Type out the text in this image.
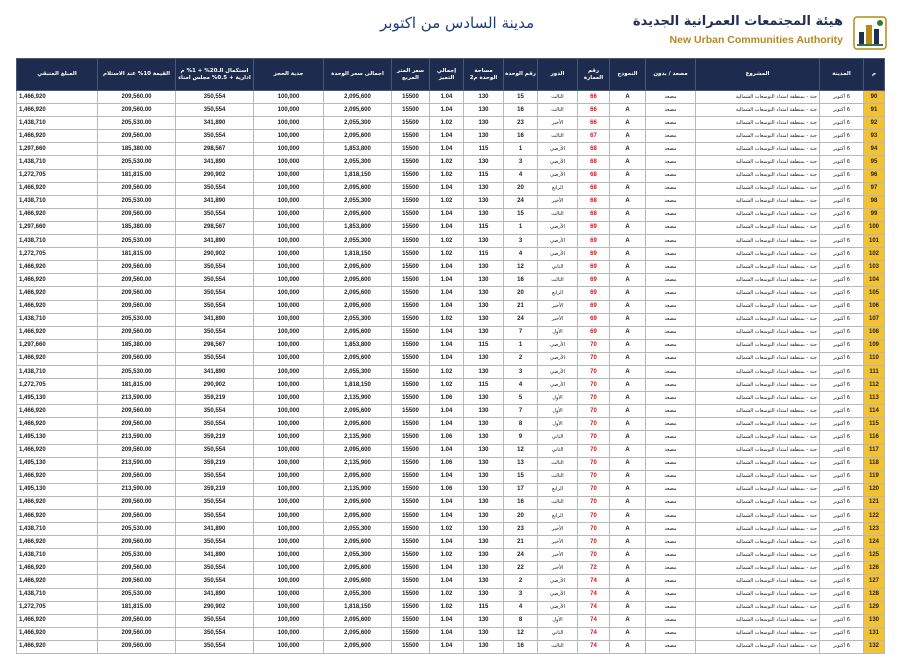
مدينة السادس من اكتوبر	هيئة المجتمعات العمرانية الجديدة
New Urban Communities Authority
م	المدينة	المشروع	مصعد / بدون	النموذج	رقم العمارة	الدور	رقم الوحدة	مساحة الوحدة م2	إجمالي التميز	سعر المتر المربع	اجمالى سعر الوحدة	جدية الحجز	استكمال الـ20% + 1% م ادارية + 0.5% مجلس امناء	القيمة 10% عند الاستلام	المبلغ المتبقي
90	6 أكتوبر	جنة - بمنطقة امتداد التوسعات الشمالية	مصعد	A	66	الثالث	15	130	1.04	15500	2,095,600	100,000	350,554	209,560.00	1,466,920
91	6 أكتوبر	جنة - بمنطقة امتداد التوسعات الشمالية	مصعد	A	66	الثالث	16	130	1.04	15500	2,095,600	100,000	350,554	209,560.00	1,466,920
92	6 أكتوبر	جنة - بمنطقة امتداد التوسعات الشمالية	مصعد	A	66	الأخير	23	130	1.02	15500	2,055,300	100,000	341,890	205,530.00	1,438,710
93	6 أكتوبر	جنة - بمنطقة امتداد التوسعات الشمالية	مصعد	A	67	الثالث	16	130	1.04	15500	2,095,600	100,000	350,554	209,560.00	1,466,920
94	6 أكتوبر	جنة - بمنطقة امتداد التوسعات الشمالية	مصعد	A	68	الأرضي	1	115	1.04	15500	1,853,800	100,000	298,567	185,380.00	1,297,660
95	6 أكتوبر	جنة - بمنطقة امتداد التوسعات الشمالية	مصعد	A	68	الأرضي	3	130	1.02	15500	2,055,300	100,000	341,890	205,530.00	1,438,710
96	6 أكتوبر	جنة - بمنطقة امتداد التوسعات الشمالية	مصعد	A	68	الأرضي	4	115	1.02	15500	1,818,150	100,000	290,902	181,815.00	1,272,705
97	6 أكتوبر	جنة - بمنطقة امتداد التوسعات الشمالية	مصعد	A	68	الرابع	20	130	1.04	15500	2,095,600	100,000	350,554	209,560.00	1,466,920
98	6 أكتوبر	جنة - بمنطقة امتداد التوسعات الشمالية	مصعد	A	68	الأخير	24	130	1.02	15500	2,055,300	100,000	341,890	205,530.00	1,438,710
99	6 أكتوبر	جنة - بمنطقة امتداد التوسعات الشمالية	مصعد	A	68	الثالث	15	130	1.04	15500	2,095,600	100,000	350,554	209,560.00	1,466,920
100	6 أكتوبر	جنة - بمنطقة امتداد التوسعات الشمالية	مصعد	A	69	الأرضي	1	115	1.04	15500	1,853,800	100,000	298,567	185,380.00	1,297,660
101	6 أكتوبر	جنة - بمنطقة امتداد التوسعات الشمالية	مصعد	A	69	الأرضي	3	130	1.02	15500	2,055,300	100,000	341,890	205,530.00	1,438,710
102	6 أكتوبر	جنة - بمنطقة امتداد التوسعات الشمالية	مصعد	A	69	الأرضي	4	115	1.02	15500	1,818,150	100,000	290,902	181,815.00	1,272,705
103	6 أكتوبر	جنة - بمنطقة امتداد التوسعات الشمالية	مصعد	A	69	الثاني	12	130	1.04	15500	2,095,600	100,000	350,554	209,560.00	1,466,920
104	6 أكتوبر	جنة - بمنطقة امتداد التوسعات الشمالية	مصعد	A	69	الثالث	16	130	1.04	15500	2,095,600	100,000	350,554	209,560.00	1,466,920
105	6 أكتوبر	جنة - بمنطقة امتداد التوسعات الشمالية	مصعد	A	69	الرابع	20	130	1.04	15500	2,095,600	100,000	350,554	209,560.00	1,466,920
106	6 أكتوبر	جنة - بمنطقة امتداد التوسعات الشمالية	مصعد	A	69	الأخير	21	130	1.04	15500	2,095,600	100,000	350,554	209,560.00	1,466,920
107	6 أكتوبر	جنة - بمنطقة امتداد التوسعات الشمالية	مصعد	A	69	الأخير	24	130	1.02	15500	2,055,300	100,000	341,890	205,530.00	1,438,710
108	6 أكتوبر	جنة - بمنطقة امتداد التوسعات الشمالية	مصعد	A	69	الأول	7	130	1.04	15500	2,095,600	100,000	350,554	209,560.00	1,466,920
109	6 أكتوبر	جنة - بمنطقة امتداد التوسعات الشمالية	مصعد	A	70	الأرضي	1	115	1.04	15500	1,853,800	100,000	298,567	185,380.00	1,297,660
110	6 أكتوبر	جنة - بمنطقة امتداد التوسعات الشمالية	مصعد	A	70	الأرضي	2	130	1.04	15500	2,095,600	100,000	350,554	209,560.00	1,466,920
111	6 أكتوبر	جنة - بمنطقة امتداد التوسعات الشمالية	مصعد	A	70	الأرضي	3	130	1.02	15500	2,055,300	100,000	341,890	205,530.00	1,438,710
112	6 أكتوبر	جنة - بمنطقة امتداد التوسعات الشمالية	مصعد	A	70	الأرضي	4	115	1.02	15500	1,818,150	100,000	290,902	181,815.00	1,272,705
113	6 أكتوبر	جنة - بمنطقة امتداد التوسعات الشمالية	مصعد	A	70	الأول	5	130	1.06	15500	2,135,900	100,000	359,219	213,590.00	1,495,130
114	6 أكتوبر	جنة - بمنطقة امتداد التوسعات الشمالية	مصعد	A	70	الأول	7	130	1.04	15500	2,095,600	100,000	350,554	209,560.00	1,466,920
115	6 أكتوبر	جنة - بمنطقة امتداد التوسعات الشمالية	مصعد	A	70	الأول	8	130	1.04	15500	2,095,600	100,000	350,554	209,560.00	1,466,920
116	6 أكتوبر	جنة - بمنطقة امتداد التوسعات الشمالية	مصعد	A	70	الثاني	9	130	1.06	15500	2,135,900	100,000	359,219	213,590.00	1,495,130
117	6 أكتوبر	جنة - بمنطقة امتداد التوسعات الشمالية	مصعد	A	70	الثاني	12	130	1.04	15500	2,095,600	100,000	350,554	209,560.00	1,466,920
118	6 أكتوبر	جنة - بمنطقة امتداد التوسعات الشمالية	مصعد	A	70	الثالث	13	130	1.06	15500	2,135,900	100,000	359,219	213,590.00	1,495,130
119	6 أكتوبر	جنة - بمنطقة امتداد التوسعات الشمالية	مصعد	A	70	الثالث	15	130	1.04	15500	2,095,600	100,000	350,554	209,560.00	1,466,920
120	6 أكتوبر	جنة - بمنطقة امتداد التوسعات الشمالية	مصعد	A	70	الرابع	17	130	1.06	15500	2,135,900	100,000	359,219	213,590.00	1,495,130
121	6 أكتوبر	جنة - بمنطقة امتداد التوسعات الشمالية	مصعد	A	70	الثالث	16	130	1.04	15500	2,095,600	100,000	350,554	209,560.00	1,466,920
122	6 أكتوبر	جنة - بمنطقة امتداد التوسعات الشمالية	مصعد	A	70	الرابع	20	130	1.04	15500	2,095,600	100,000	350,554	209,560.00	1,466,920
123	6 أكتوبر	جنة - بمنطقة امتداد التوسعات الشمالية	مصعد	A	70	الأخير	23	130	1.02	15500	2,055,300	100,000	341,890	205,530.00	1,438,710
124	6 أكتوبر	جنة - بمنطقة امتداد التوسعات الشمالية	مصعد	A	70	الأخير	21	130	1.04	15500	2,095,600	100,000	350,554	209,560.00	1,466,920
125	6 أكتوبر	جنة - بمنطقة امتداد التوسعات الشمالية	مصعد	A	70	الأخير	24	130	1.02	15500	2,055,300	100,000	341,890	205,530.00	1,438,710
126	6 أكتوبر	جنة - بمنطقة امتداد التوسعات الشمالية	مصعد	A	72	الأخير	22	130	1.04	15500	2,095,600	100,000	350,554	209,560.00	1,466,920
127	6 أكتوبر	جنة - بمنطقة امتداد التوسعات الشمالية	مصعد	A	74	الأرضي	2	130	1.04	15500	2,095,600	100,000	350,554	209,560.00	1,466,920
128	6 أكتوبر	جنة - بمنطقة امتداد التوسعات الشمالية	مصعد	A	74	الأرضي	3	130	1.02	15500	2,055,300	100,000	341,890	205,530.00	1,438,710
129	6 أكتوبر	جنة - بمنطقة امتداد التوسعات الشمالية	مصعد	A	74	الأرضي	4	115	1.02	15500	1,818,150	100,000	290,902	181,815.00	1,272,705
130	6 أكتوبر	جنة - بمنطقة امتداد التوسعات الشمالية	مصعد	A	74	الأول	8	130	1.04	15500	2,095,600	100,000	350,554	209,560.00	1,466,920
131	6 أكتوبر	جنة - بمنطقة امتداد التوسعات الشمالية	مصعد	A	74	الثاني	12	130	1.04	15500	2,095,600	100,000	350,554	209,560.00	1,466,920
132	6 أكتوبر	جنة - بمنطقة امتداد التوسعات الشمالية	مصعد	A	74	الثالث	16	130	1.04	15500	2,095,600	100,000	350,554	209,560.00	1,466,920
